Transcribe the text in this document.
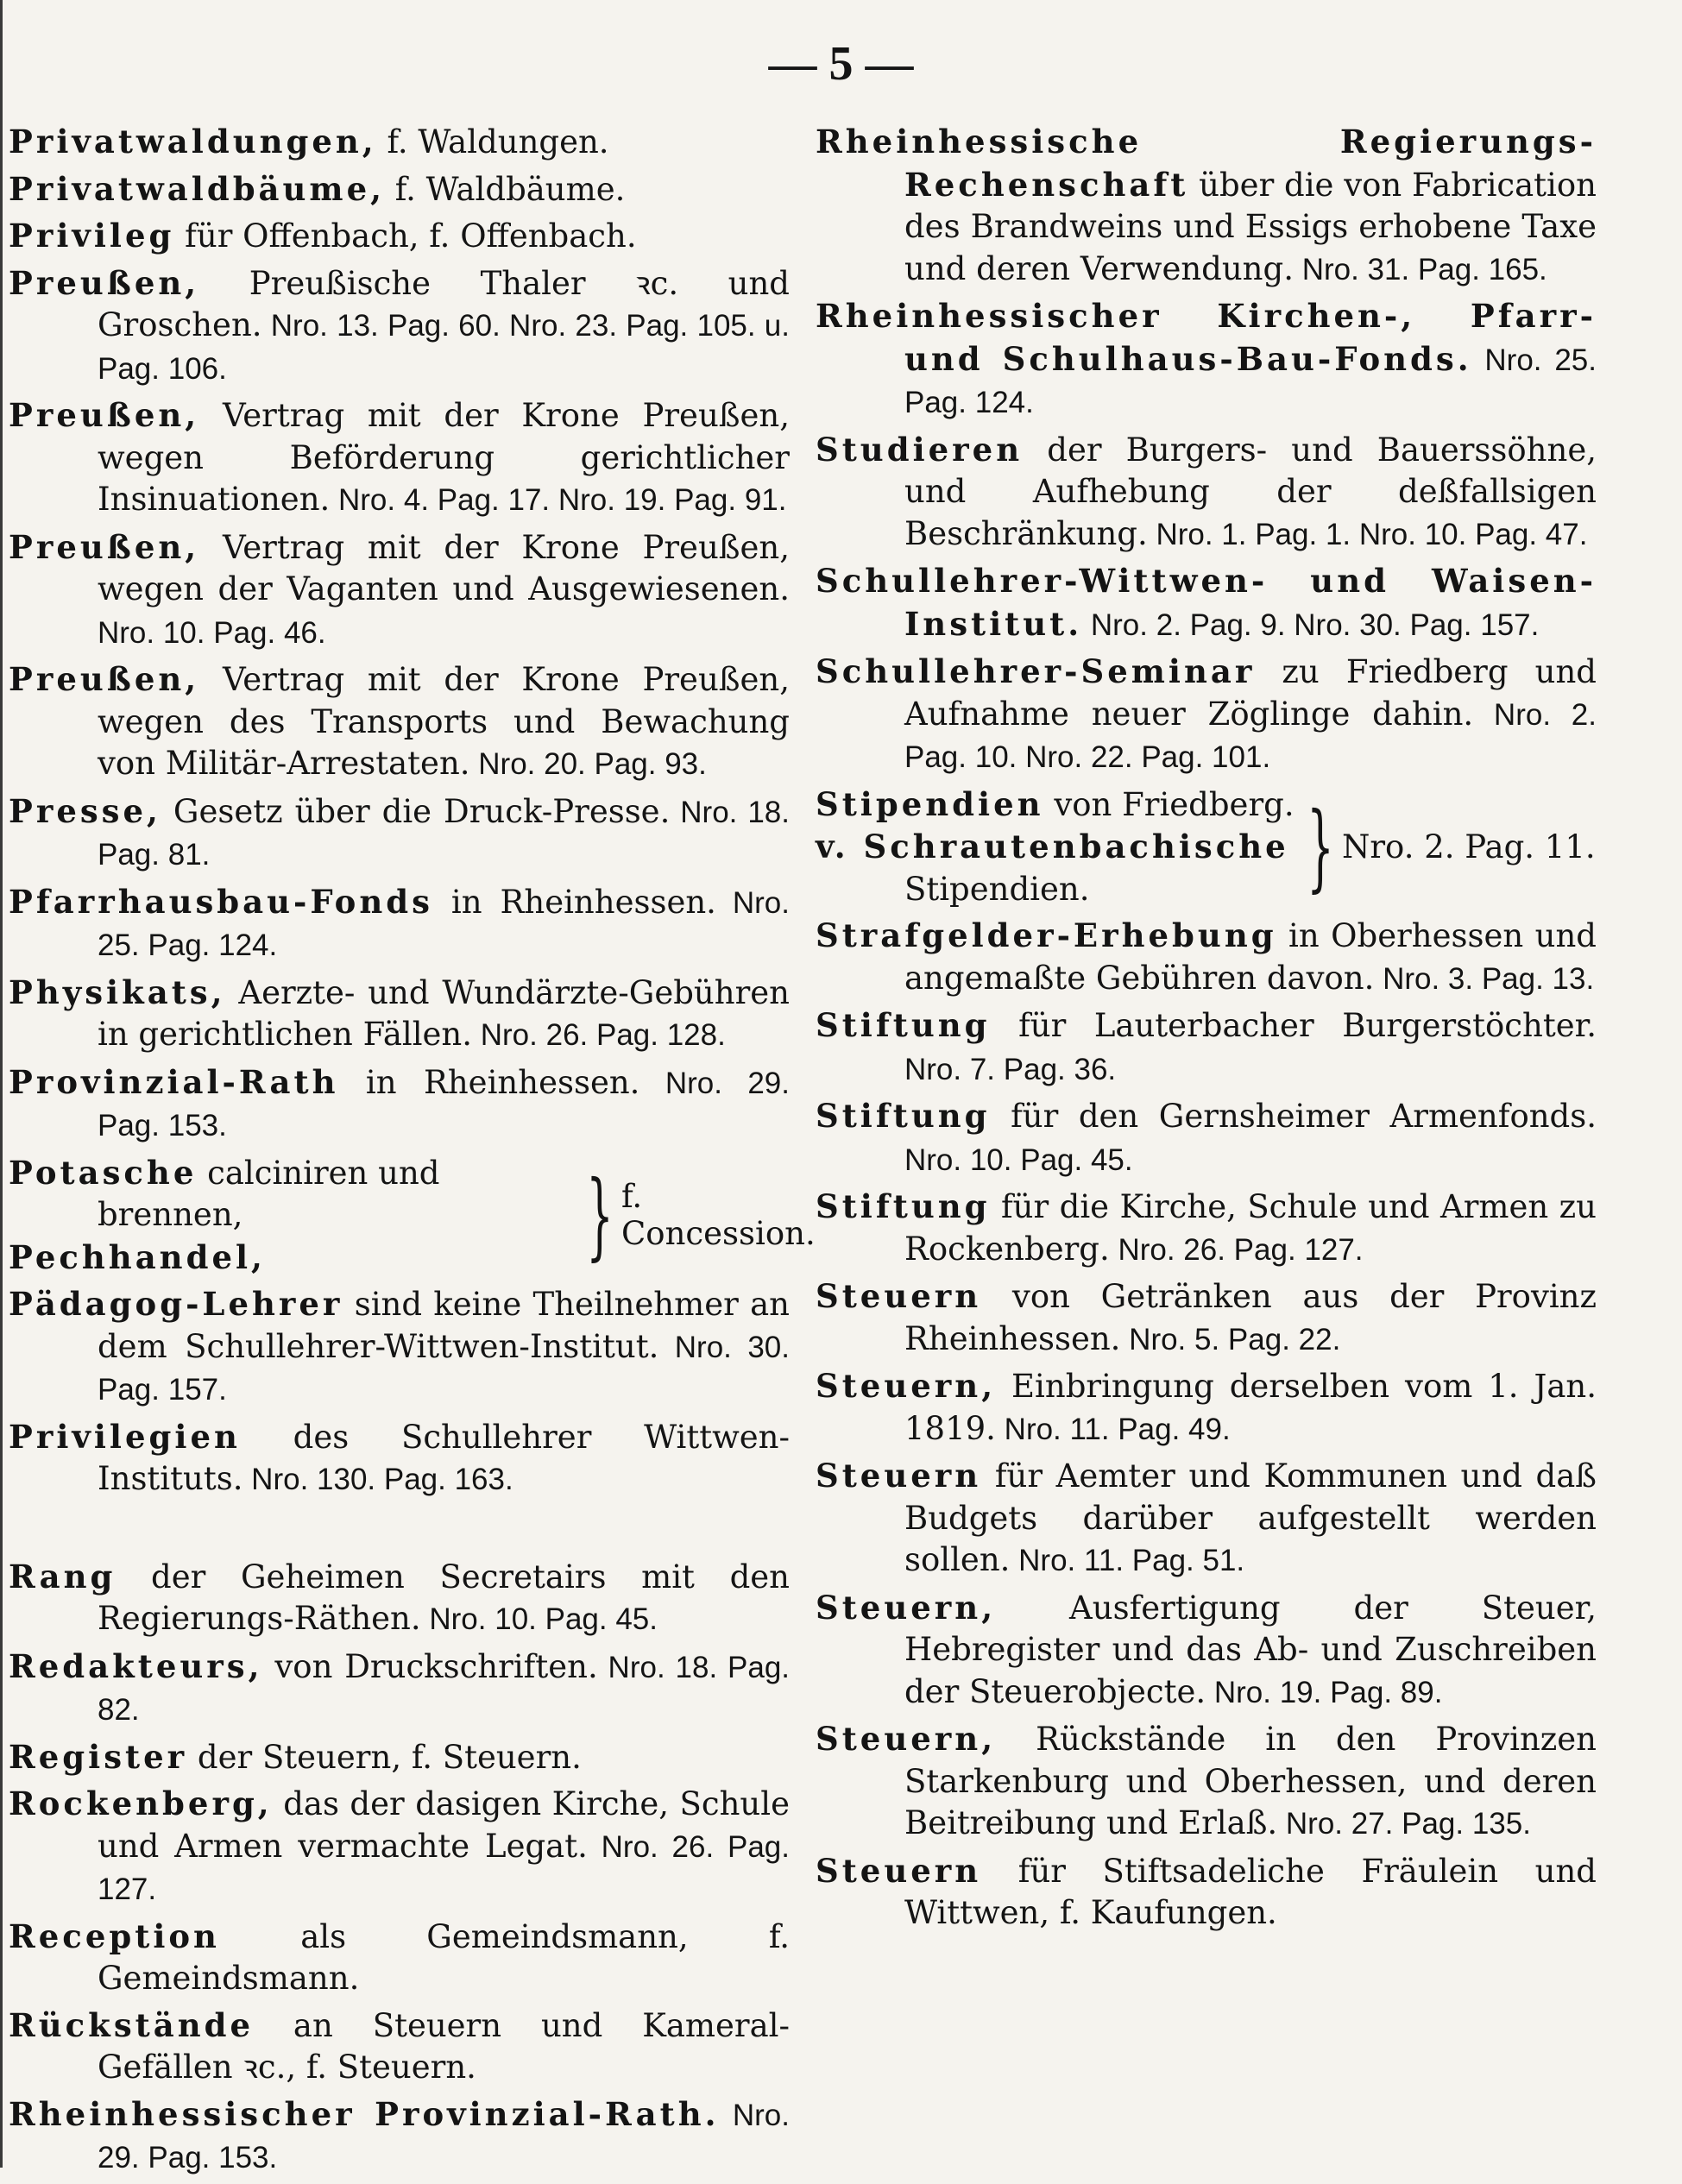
— 5 —
Privatwaldungen, f. Waldungen.
Privatwaldbäume, f. Waldbäume.
Privileg für Offenbach, f. Offenbach.
Preußen, Preußische Thaler ꝛc. und Groschen. Nro. 13. Pag. 60. Nro. 23. Pag. 105. u. Pag. 106.
Preußen, Vertrag mit der Krone Preußen, wegen Beförderung gerichtlicher Insinuationen. Nro. 4. Pag. 17. Nro. 19. Pag. 91.
Preußen, Vertrag mit der Krone Preußen, wegen der Vaganten und Ausgewiesenen. Nro. 10. Pag. 46.
Preußen, Vertrag mit der Krone Preußen, wegen des Transports und Bewachung von Militär-Arrestaten. Nro. 20. Pag. 93.
Presse, Gesetz über die Druck-Presse. Nro. 18. Pag. 81.
Pfarrhausbau-Fonds in Rheinhessen. Nro. 25. Pag. 124.
Physikats, Aerzte- und Wundärzte-Gebühren in gerichtlichen Fällen. Nro. 26. Pag. 128.
Provinzial-Rath in Rheinhessen. Nro. 29. Pag. 153.
Potasche calciniren und brennen,
Pechhandel,	} f. Concession.
Pädagog-Lehrer sind keine Theilnehmer an dem Schullehrer-Wittwen-Institut. Nro. 30. Pag. 157.
Privilegien des Schullehrer Wittwen-Instituts. Nro. 130. Pag. 163.
Rang der Geheimen Secretairs mit den Regierungs-Räthen. Nro. 10. Pag. 45.
Redakteurs, von Druckschriften. Nro. 18. Pag. 82.
Register der Steuern, f. Steuern.
Rockenberg, das der dasigen Kirche, Schule und Armen vermachte Legat. Nro. 26. Pag. 127.
Reception als Gemeindsmann, f. Gemeindsmann.
Rückstände an Steuern und Kameral-Gefällen ꝛc., f. Steuern.
Rheinhessischer Provinzial-Rath. Nro. 29. Pag. 153.
Rheinhessische Regierungs-Rechenschaft über die von Fabrication des Brandweins und Essigs erhobene Taxe und deren Verwendung. Nro. 31. Pag. 165.
Rheinhessischer Kirchen-, Pfarr- und Schulhaus-Bau-Fonds. Nro. 25. Pag. 124.
Studieren der Burgers- und Bauerssöhne, und Aufhebung der deßfallsigen Beschränkung. Nro. 1. Pag. 1. Nro. 10. Pag. 47.
Schullehrer-Wittwen- und Waisen-Institut. Nro. 2. Pag. 9. Nro. 30. Pag. 157.
Schullehrer-Seminar zu Friedberg und Aufnahme neuer Zöglinge dahin. Nro. 2. Pag. 10. Nro. 22. Pag. 101.
Stipendien von Friedberg.
v. Schrautenbachische Stipendien.	} Nro. 2. Pag. 11.
Strafgelder-Erhebung in Oberhessen und angemaßte Gebühren davon. Nro. 3. Pag. 13.
Stiftung für Lauterbacher Burgerstöchter. Nro. 7. Pag. 36.
Stiftung für den Gernsheimer Armenfonds. Nro. 10. Pag. 45.
Stiftung für die Kirche, Schule und Armen zu Rockenberg. Nro. 26. Pag. 127.
Steuern von Getränken aus der Provinz Rheinhessen. Nro. 5. Pag. 22.
Steuern, Einbringung derselben vom 1. Jan. 1819. Nro. 11. Pag. 49.
Steuern für Aemter und Kommunen und daß Budgets darüber aufgestellt werden sollen. Nro. 11. Pag. 51.
Steuern, Ausfertigung der Steuer, Hebregister und das Ab- und Zuschreiben der Steuerobjecte. Nro. 19. Pag. 89.
Steuern, Rückstände in den Provinzen Starkenburg und Oberhessen, und deren Beitreibung und Erlaß. Nro. 27. Pag. 135.
Steuern für Stiftsadeliche Fräulein und Wittwen, f. Kaufungen.
